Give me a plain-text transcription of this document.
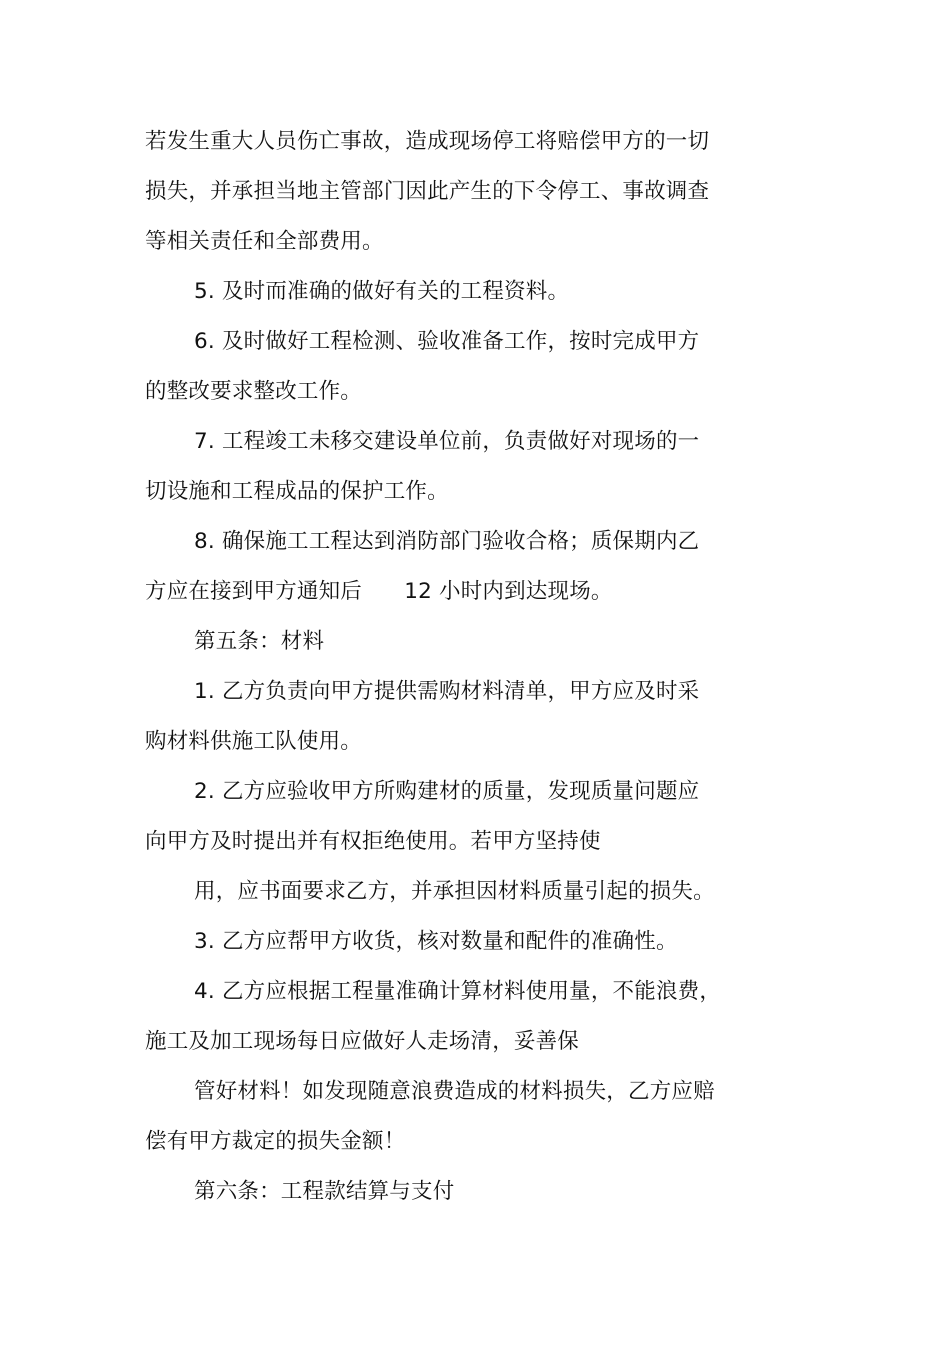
若发生重大人员伤亡事故，造成现场停工将赔偿甲方的一切
损失，并承担当地主管部门因此产生的下令停工、事故调查
等相关责任和全部费用。
5. 及时而准确的做好有关的工程资料。
6. 及时做好工程检测、验收准备工作，按时完成甲方
的整改要求整改工作。
7. 工程竣工未移交建设单位前，负责做好对现场的一
切设施和工程成品的保护工作。
8. 确保施工工程达到消防部门验收合格；质保期内乙
方应在接到甲方通知后      12 小时内到达现场。
第五条：材料
1. 乙方负责向甲方提供需购材料清单，甲方应及时采
购材料供施工队使用。
2. 乙方应验收甲方所购建材的质量，发现质量问题应
向甲方及时提出并有权拒绝使用。若甲方坚持使
用，应书面要求乙方，并承担因材料质量引起的损失。
3. 乙方应帮甲方收货，核对数量和配件的准确性。
4. 乙方应根据工程量准确计算材料使用量，不能浪费，
施工及加工现场每日应做好人走场清，妥善保
管好材料！如发现随意浪费造成的材料损失，乙方应赔
偿有甲方裁定的损失金额！
第六条：工程款结算与支付
